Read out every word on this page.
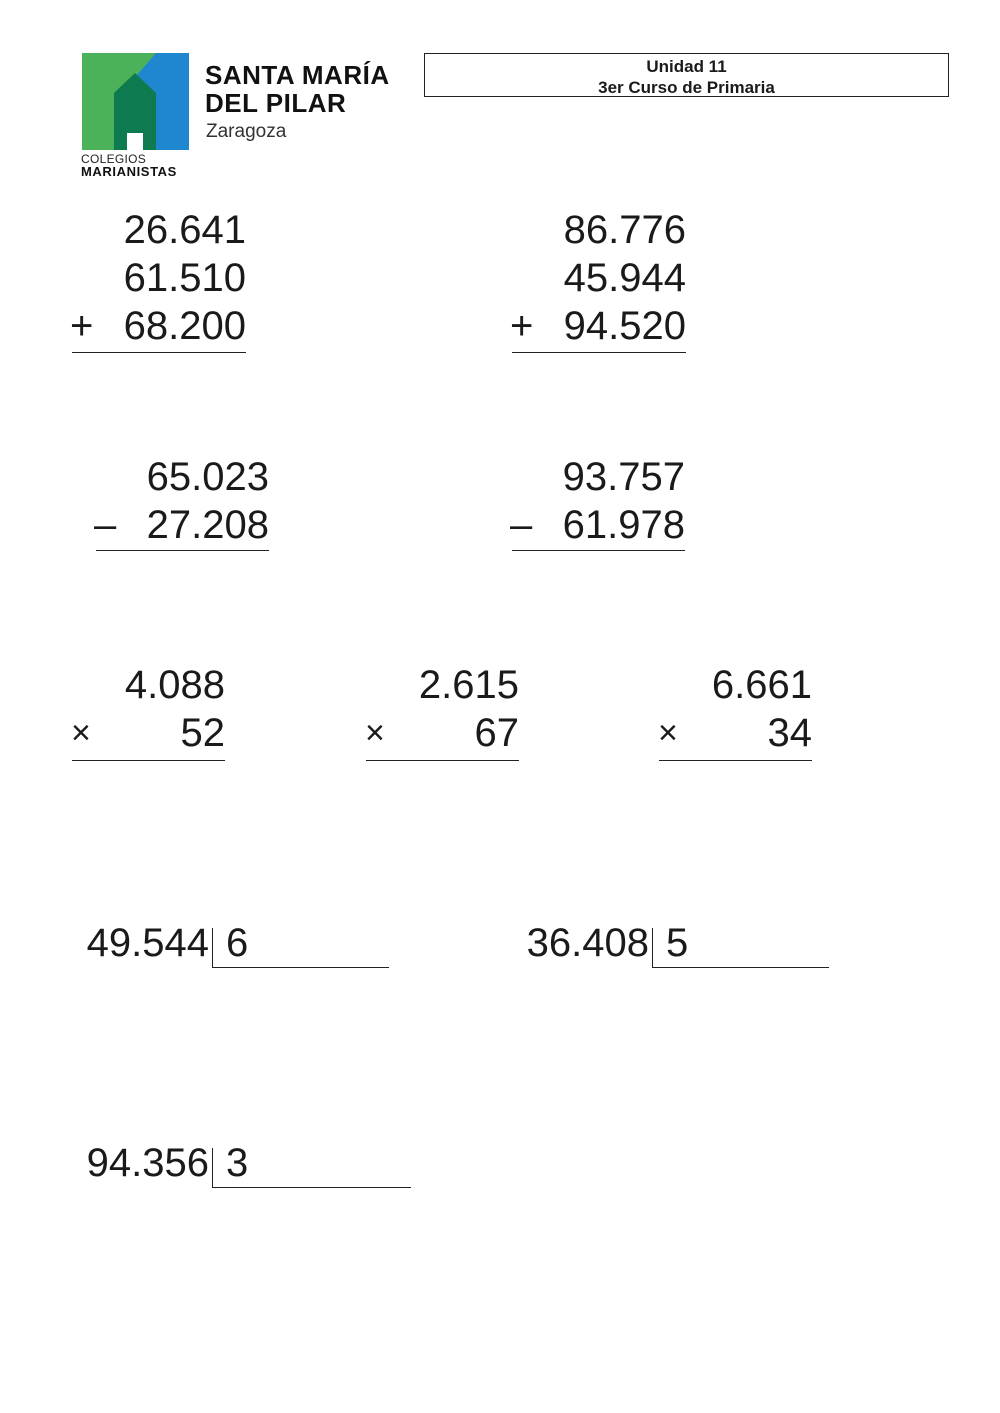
COLEGIOS
MARIANISTAS
SANTA MARÍA
DEL PILAR
Zaragoza
Unidad 11
3er Curso de Primaria
26.641
61.510
+ 68.200
86.776
45.944
+ 94.520
65.023
– 27.208
93.757
– 61.978
4.088
×	52
2.615
×	67
6.661
×	34
49.544 6	36.408 5
94.356 3
